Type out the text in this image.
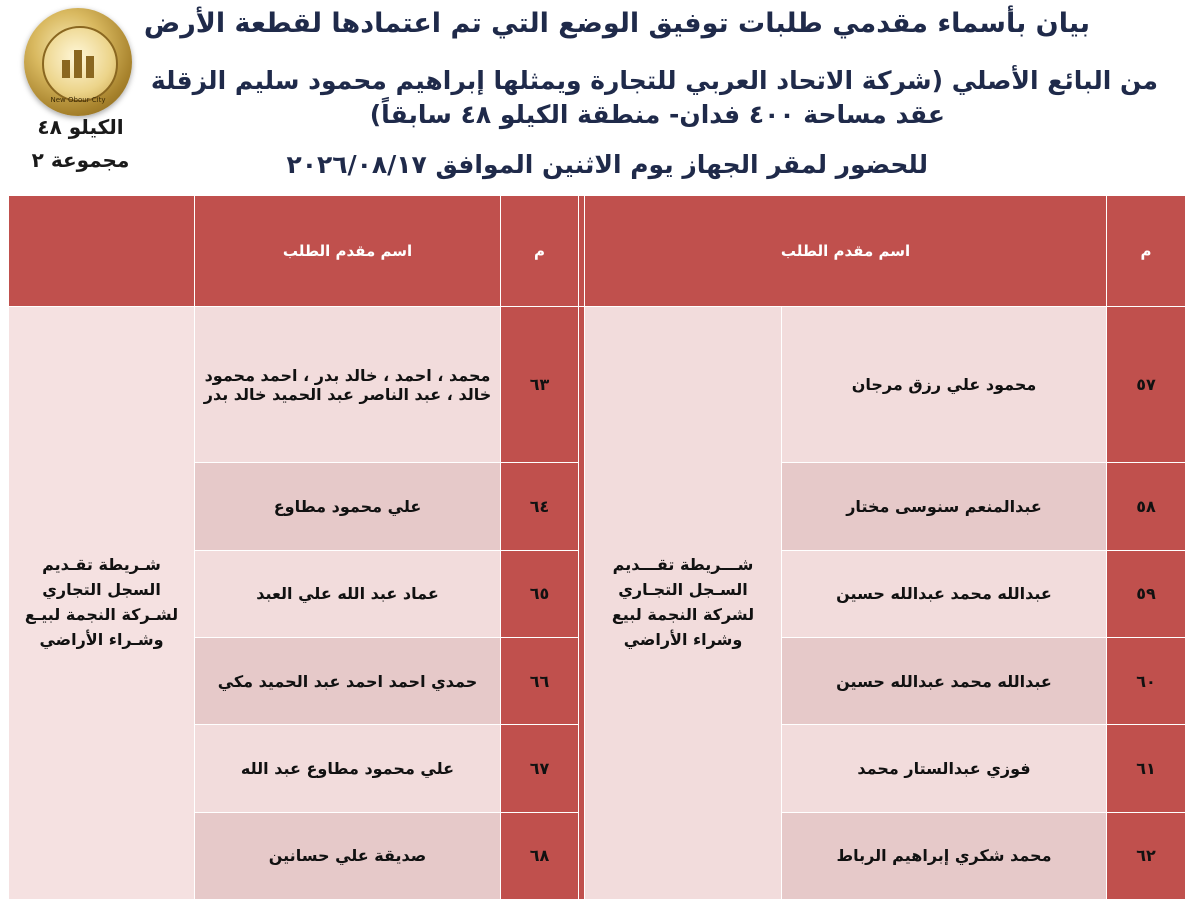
New Obour City
الكيلو ٤٨
مجموعة ٢
بيان بأسماء مقدمي طلبات توفيق الوضع التي تم اعتمادها لقطعة الأرض
من البائع الأصلي (شركة الاتحاد العربي للتجارة ويمثلها إبراهيم محمود سليم الزقلة
عقد مساحة ٤٠٠ فدان- منطقة الكيلو ٤٨ سابقاً)
للحضور لمقر الجهاز يوم الاثنين الموافق ٢٠٢٦/٠٨/١٧
	اسم مقدم الطلب	م		اسم مقدم الطلب		م
شـريطة تقـديم السجل التجاري لشـركة النجمة لبيـع وشـراء الأراضي	محمد ، احمد ، خالد بدر ، احمد محمود خالد ، عبد الناصر عبد الحميد خالد بدر	٦٣		شـــريطة تقـــديم السـجل التجـاري لشركة النجمة لبيع وشراء الأراضي	محمود علي رزق مرجان	٥٧
	علي محمود مطاوع	٦٤			عبدالمنعم سنوسى مختار	٥٨
	عماد عبد الله علي العبد	٦٥			عبدالله محمد عبدالله حسين	٥٩
	حمدي احمد احمد عبد الحميد مكي	٦٦			عبدالله محمد عبدالله حسين	٦٠
	علي محمود مطاوع عبد الله	٦٧			فوزي عبدالستار محمد	٦١
	صديقة علي حسانين	٦٨			محمد شكري إبراهيم الرباط	٦٢
